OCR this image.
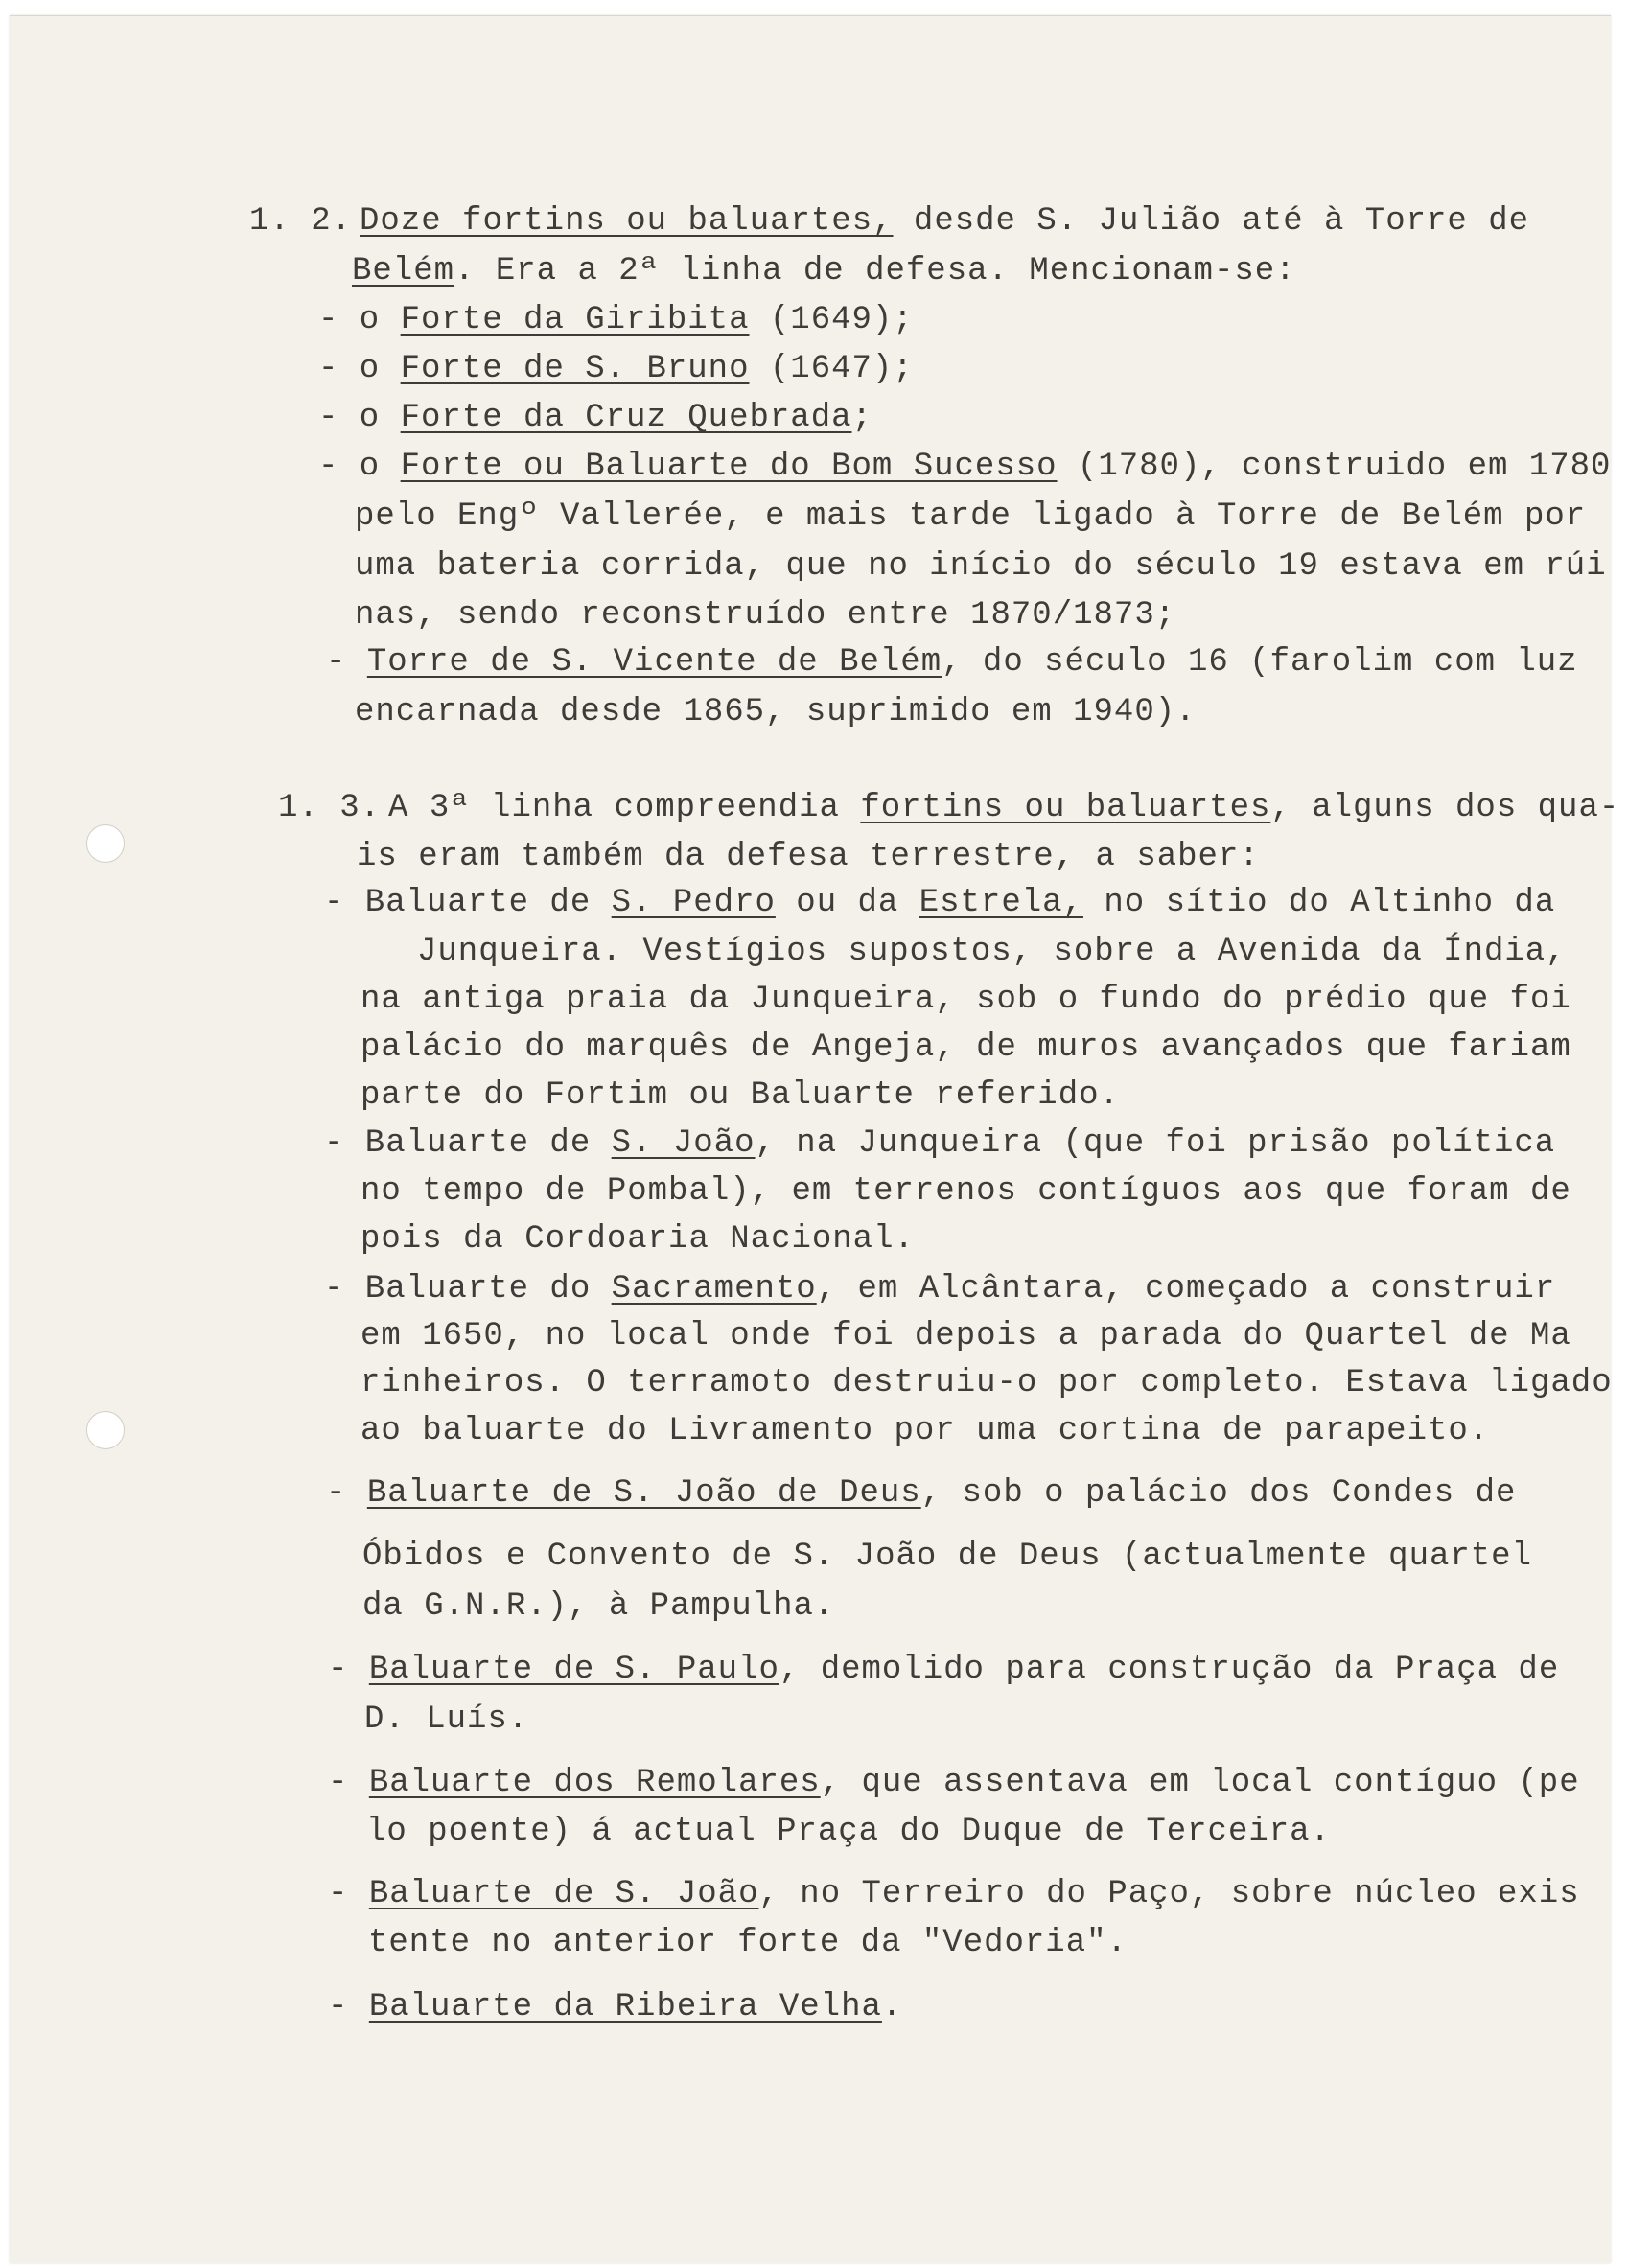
1. 2. Doze fortins ou baluartes, desde S. Julião até à Torre de
Belém. Era a 2ª linha de defesa. Mencionam-se:
- o Forte da Giribita (1649);
- o Forte de S. Bruno (1647);
- o Forte da Cruz Quebrada;
- o Forte ou Baluarte do Bom Sucesso (1780), construido em 1780
pelo Engº Vallerée, e mais tarde ligado à Torre de Belém por
uma bateria corrida, que no início do século 19 estava em rúi
nas, sendo reconstruído entre 1870/1873;
- Torre de S. Vicente de Belém, do século 16 (farolim com luz
encarnada desde 1865, suprimido em 1940).
1. 3. A 3ª linha compreendia fortins ou baluartes, alguns dos qua-
is eram também da defesa terrestre, a saber:
- Baluarte de S. Pedro ou da Estrela, no sítio do Altinho da
Junqueira. Vestígios supostos, sobre a Avenida da Índia,
na antiga praia da Junqueira, sob o fundo do prédio que foi
palácio do marquês de Angeja, de muros avançados que fariam
parte do Fortim ou Baluarte referido.
- Baluarte de S. João, na Junqueira (que foi prisão política
no tempo de Pombal), em terrenos contíguos aos que foram de
pois da Cordoaria Nacional.
- Baluarte do Sacramento, em Alcântara, começado a construir
em 1650, no local onde foi depois a parada do Quartel de Ma
rinheiros. O terramoto destruiu-o por completo. Estava ligado
ao baluarte do Livramento por uma cortina de parapeito.
- Baluarte de S. João de Deus, sob o palácio dos Condes de
Óbidos e Convento de S. João de Deus (actualmente quartel
da G.N.R.), à Pampulha.
- Baluarte de S. Paulo, demolido para construção da Praça de
D. Luís.
- Baluarte dos Remolares, que assentava em local contíguo (pe
lo poente) á actual Praça do Duque de Terceira.
- Baluarte de S. João, no Terreiro do Paço, sobre núcleo exis
tente no anterior forte da "Vedoria".
- Baluarte da Ribeira Velha.
